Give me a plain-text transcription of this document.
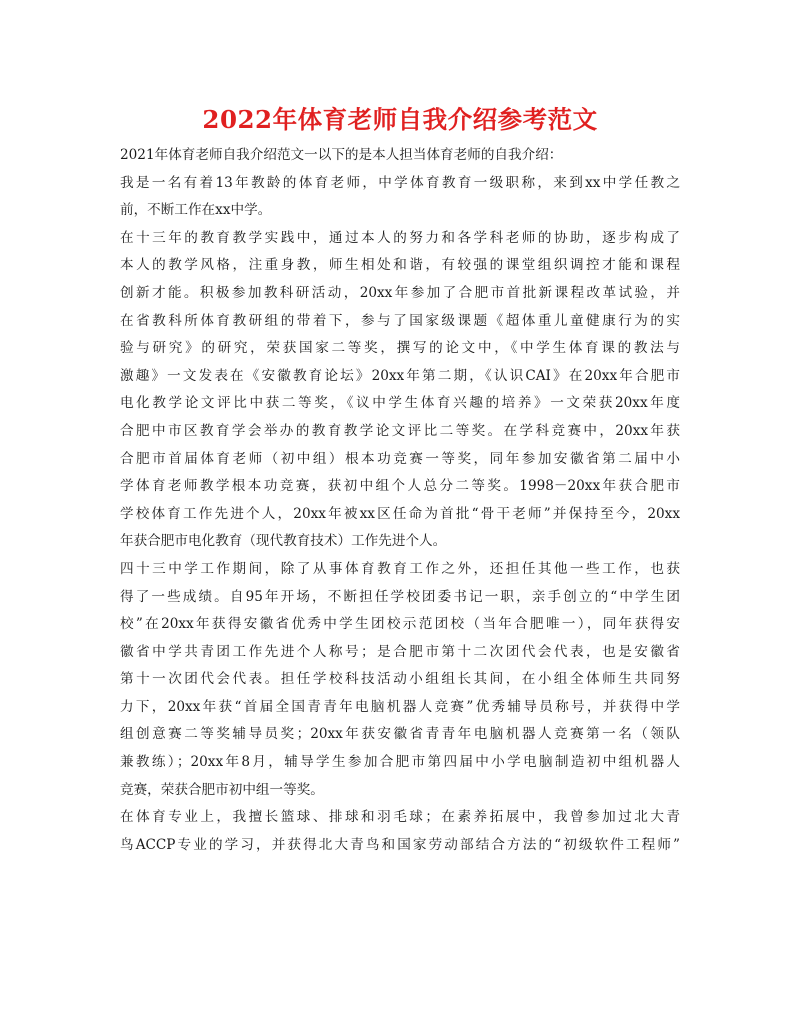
2022年体育老师自我介绍参考范文
2021年体育老师自我介绍范文一以下的是本人担当体育老师的自我介绍：
我是一名有着13年教龄的体育老师，中学体育教育一级职称，来到xx中学任教之
前，不断工作在xx中学。
在十三年的教育教学实践中，通过本人的努力和各学科老师的协助，逐步构成了
本人的教学风格，注重身教，师生相处和谐，有较强的课堂组织调控才能和课程
创新才能。积极参加教科研活动，20xx年参加了合肥市首批新课程改革试验，并
在省教科所体育教研组的带着下，参与了国家级课题《超体重儿童健康行为的实
验与研究》的研究，荣获国家二等奖，撰写的论文中，《中学生体育课的教法与
激趣》一文发表在《安徽教育论坛》20xx年第二期，《认识CAI》在20xx年合肥市
电化教学论文评比中获二等奖，《议中学生体育兴趣的培养》一文荣获20xx年度
合肥中市区教育学会举办的教育教学论文评比二等奖。在学科竞赛中，20xx年获
合肥市首届体育老师（初中组）根本功竞赛一等奖，同年参加安徽省第二届中小
学体育老师教学根本功竞赛，获初中组个人总分二等奖。1998－20xx年获合肥市
学校体育工作先进个人，20xx年被xx区任命为首批“骨干老师”并保持至今，20xx
年获合肥市电化教育（现代教育技术）工作先进个人。
四十三中学工作期间，除了从事体育教育工作之外，还担任其他一些工作，也获
得了一些成绩。自95年开场，不断担任学校团委书记一职，亲手创立的“中学生团
校”在20xx年获得安徽省优秀中学生团校示范团校（当年合肥唯一），同年获得安
徽省中学共青团工作先进个人称号；是合肥市第十二次团代会代表，也是安徽省
第十一次团代会代表。担任学校科技活动小组组长其间，在小组全体师生共同努
力下，20xx年获“首届全国青青年电脑机器人竞赛”优秀辅导员称号，并获得中学
组创意赛二等奖辅导员奖；20xx年获安徽省青青年电脑机器人竞赛第一名（领队
兼教练）；20xx年8月，辅导学生参加合肥市第四届中小学电脑制造初中组机器人
竞赛，荣获合肥市初中组一等奖。
在体育专业上，我擅长篮球、排球和羽毛球；在素养拓展中，我曾参加过北大青
鸟ACCP专业的学习，并获得北大青鸟和国家劳动部结合方法的“初级软件工程师”
